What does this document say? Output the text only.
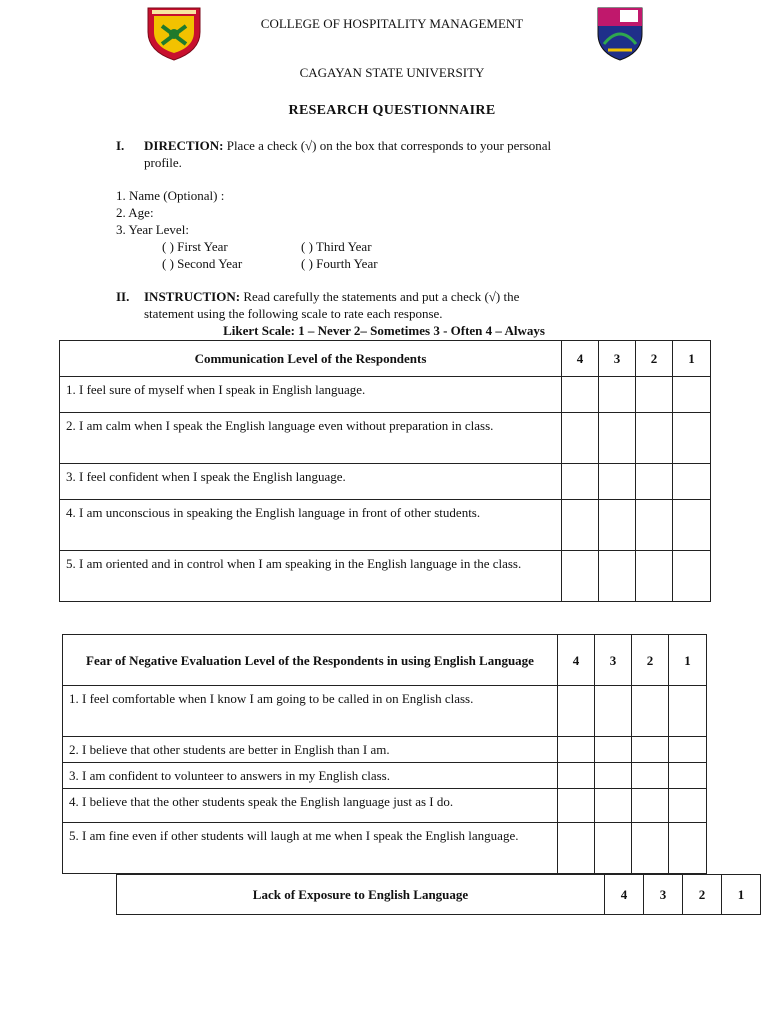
COLLEGE OF HOSPITALITY MANAGEMENT
CAGAYAN STATE UNIVERSITY
RESEARCH QUESTIONNAIRE
I. DIRECTION: Place a check (√) on the box that corresponds to your personal
profile.
1. Name (Optional) :
2. Age:
3. Year Level:
( ) First Year	( ) Third Year
( ) Second Year	( ) Fourth Year
II. INSTRUCTION: Read carefully the statements and put a check (√) the
statement using the following scale to rate each response.
Likert Scale: 1 – Never 2– Sometimes 3 - Often 4 – Always
Communication Level of the Respondents	4	3	2	1
1. I feel sure of myself when I speak in English language.				
2. I am calm when I speak the English language even without preparation in class.				
3. I feel confident when I speak the English language.				
4. I am unconscious in speaking the English language in front of other students.				
5. I am oriented and in control when I am speaking in the English language in the class.				
Fear of Negative Evaluation Level of the Respondents in using English Language	4	3	2	1
1. I feel comfortable when I know I am going to be called in on English class.				
2. I believe that other students are better in English than I am.				
3. I am confident to volunteer to answers in my English class.				
4. I believe that the other students speak the English language just as I do.				
5. I am fine even if other students will laugh at me when I speak the English language.				
Lack of Exposure to English Language	4	3	2	1
